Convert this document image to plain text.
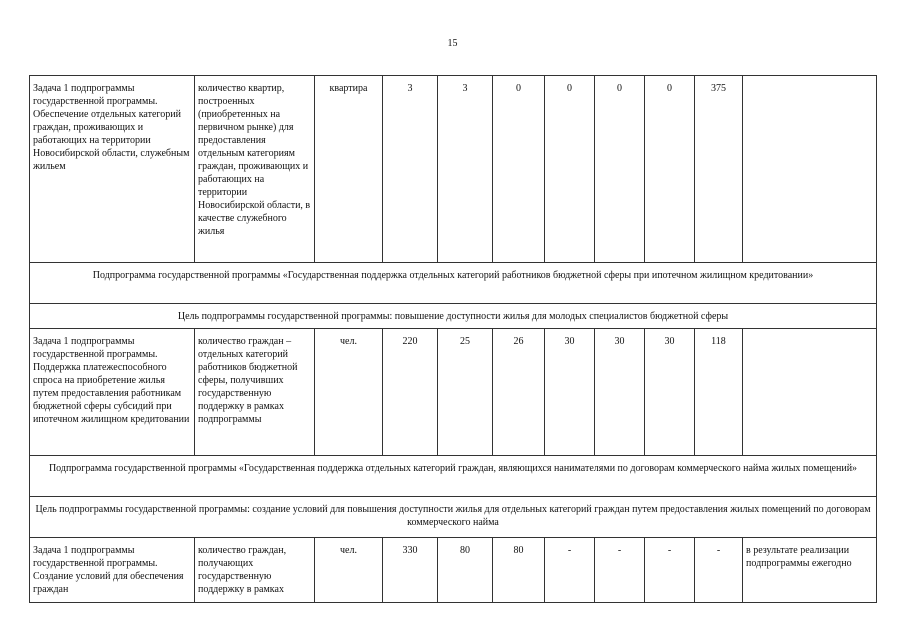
15
Задача 1 подпрограммы государственной программы. Обеспечение отдельных категорий граждан, проживающих и работающих на территории Новосибирской области, служебным жильем	количество квартир, построенных (приобретенных на первичном рынке) для предоставления отдельным категориям граждан, проживающих и работающих на территории Новосибирской области, в качестве служебного жилья	квартира	3	3	0	0	0	0	375	
Подпрограмма государственной программы «Государственная поддержка отдельных категорий работников бюджетной сферы при ипотечном жилищном кредитовании»										
Цель подпрограммы государственной программы: повышение доступности жилья для молодых специалистов бюджетной сферы										
Задача 1 подпрограммы государственной программы. Поддержка платежеспособного спроса на приобретение жилья путем предоставления работникам бюджетной сферы субсидий при ипотечном жилищном кредитовании	количество граждан – отдельных категорий работников бюджетной сферы, получивших государственную поддержку в рамках подпрограммы	чел.	220	25	26	30	30	30	118	
Подпрограмма государственной программы «Государственная поддержка отдельных категорий граждан, являющихся нанимателями по договорам коммерческого найма жилых помещений»										
Цель подпрограммы государственной программы: создание условий для повышения доступности жилья для отдельных категорий граждан путем предоставления жилых помещений по договорам коммерческого найма										
Задача 1 подпрограммы государственной программы. Создание условий для обеспечения граждан	количество граждан, получающих государственную поддержку в рамках	чел.	330	80	80	-	-	-	-	в результате реализации подпрограммы ежегодно
